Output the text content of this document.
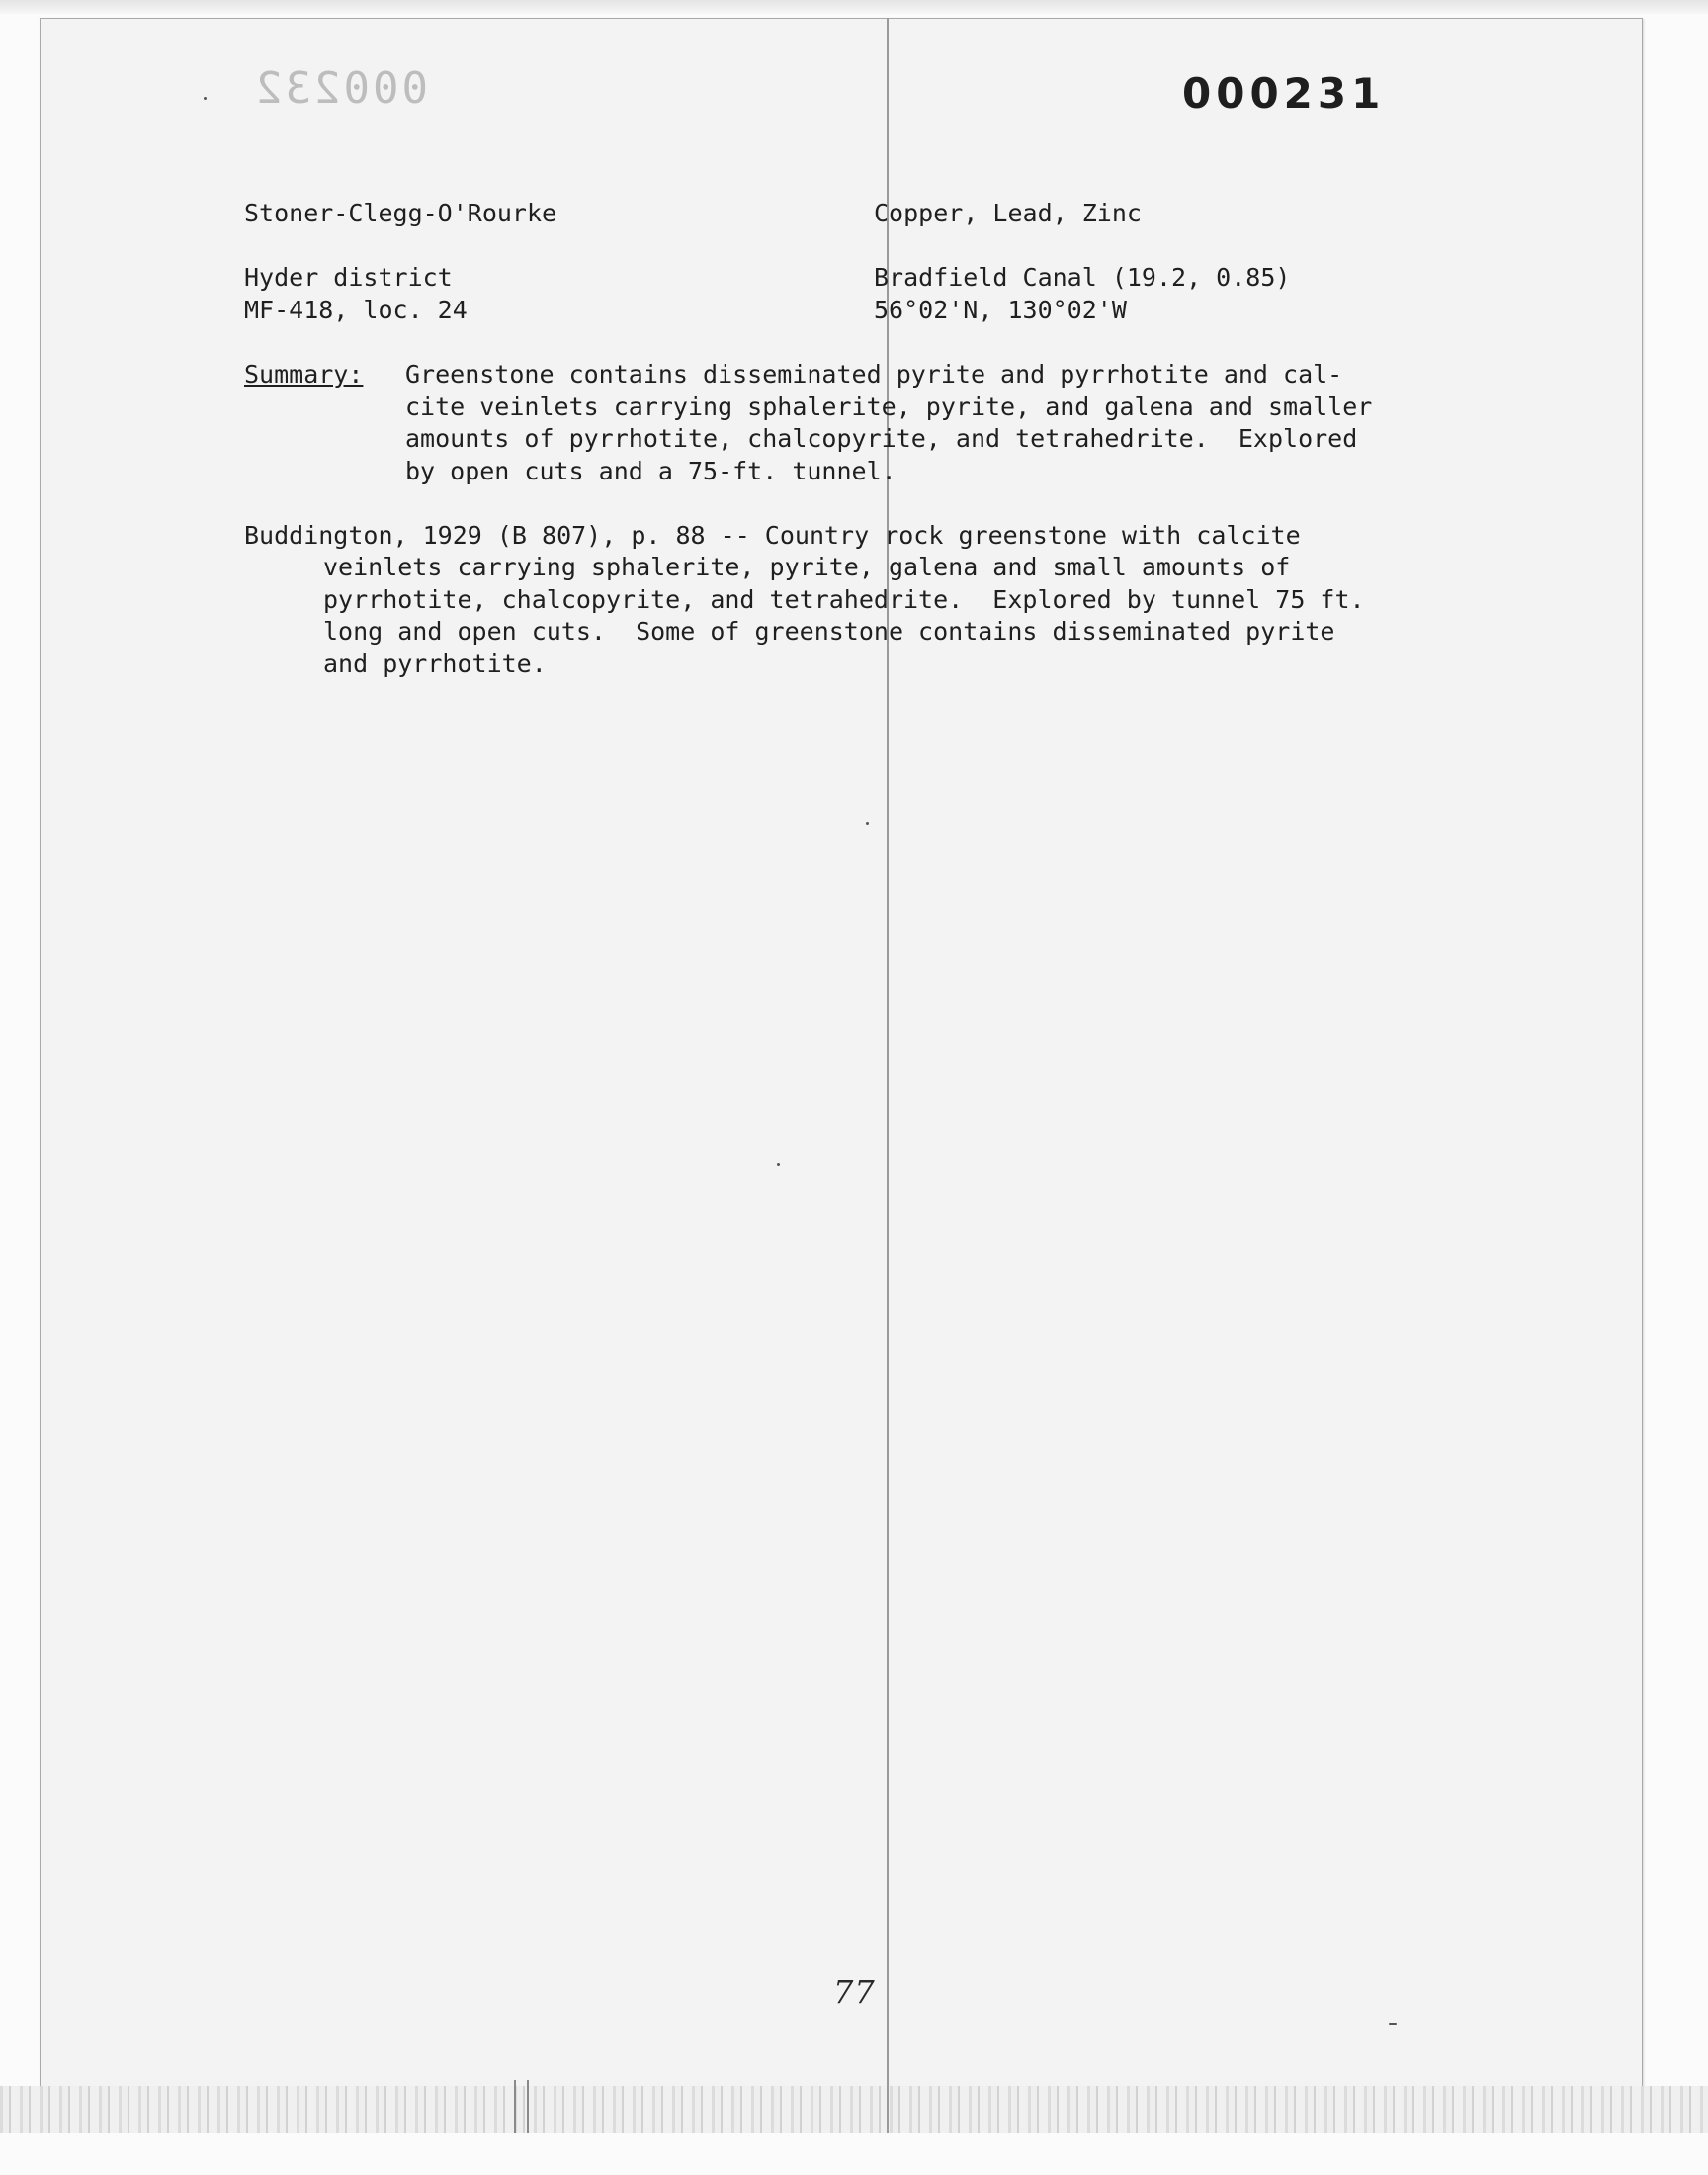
000232	000231

Stoner-Clegg-O'Rourke	Copper, Lead, Zinc

Hyder district

MF-418, loc. 24

Bradfield Canal (19.2, 0.85)

56°02'N, 130°02'W

Summary: Greenstone contains disseminated pyrite and pyrrhotite and cal-

cite veinlets carrying sphalerite, pyrite, and galena and smaller

amounts of pyrrhotite, chalcopyrite, and tetrahedrite.  Explored

by open cuts and a 75-ft. tunnel.

Buddington, 1929 (B 807), p. 88 -- Country rock greenstone with calcite

veinlets carrying sphalerite, pyrite, galena and small amounts of

pyrrhotite, chalcopyrite, and tetrahedrite.  Explored by tunnel 75 ft.

long and open cuts.  Some of greenstone contains disseminated pyrite

and pyrrhotite.

77
